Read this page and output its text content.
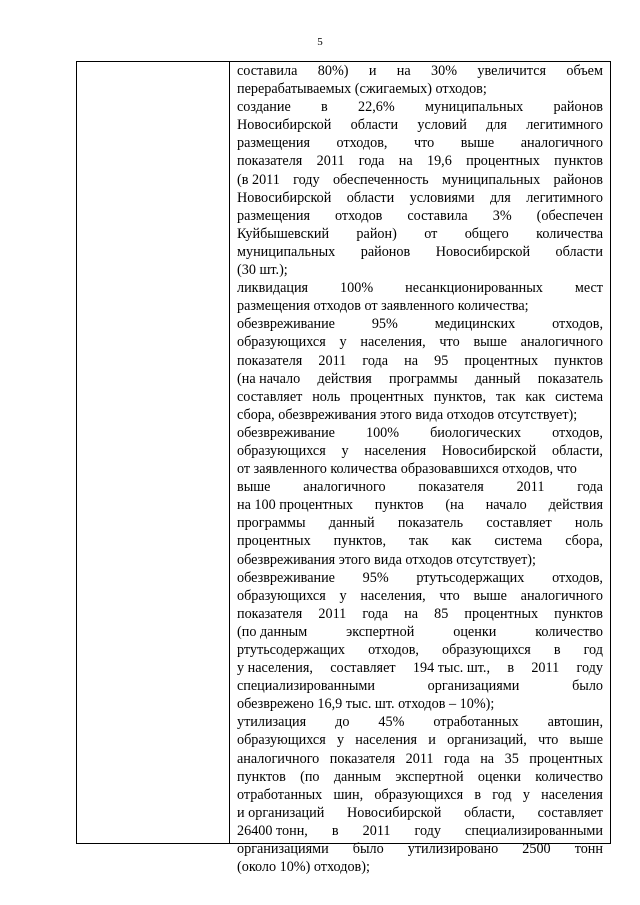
5
составила 80%) и на 30% увеличится объем
перерабатываемых (сжигаемых) отходов;
создание в 22,6% муниципальных районов
Новосибирской области условий для легитимного
размещения отходов, что выше аналогичного
показателя 2011 года на 19,6 процентных пунктов
(в 2011 году обеспеченность муниципальных районов
Новосибирской области условиями для легитимного
размещения отходов составила 3% (обеспечен
Куйбышевский район) от общего количества
муниципальных районов Новосибирской области
(30 шт.);
ликвидация 100% несанкционированных мест
размещения отходов от заявленного количества;
обезвреживание	95%	медицинских	отходов,
образующихся у населения, что выше аналогичного
показателя 2011 года на 95 процентных пунктов
(на начало действия программы данный показатель
составляет ноль процентных пунктов, так как система
сбора, обезвреживания этого вида отходов отсутствует);
обезвреживание 100% биологических отходов,
образующихся у населения Новосибирской области,
от заявленного количества образовавшихся отходов, что
выше аналогичного показателя 2011 года
на 100 процентных пунктов (на начало действия
программы данный показатель составляет ноль
процентных пунктов, так как система сбора,
обезвреживания этого вида отходов отсутствует);
обезвреживание 95% ртутьсодержащих отходов,
образующихся у населения, что выше аналогичного
показателя 2011 года на 85 процентных пунктов
(по данным	экспертной	оценки	количество
ртутьсодержащих отходов, образующихся в год
у населения, составляет 194 тыс. шт., в 2011 году
специализированными	организациями	было
обезврежено 16,9 тыс. шт. отходов – 10%);
утилизация до 45% отработанных автошин,
образующихся у населения и организаций, что выше
аналогичного показателя 2011 года на 35 процентных
пунктов (по данным экспертной оценки количество
отработанных шин, образующихся в год у населения
и организаций Новосибирской области, составляет
26400 тонн, в 2011 году специализированными
организациями было утилизировано 2500 тонн
(около 10%) отходов);
